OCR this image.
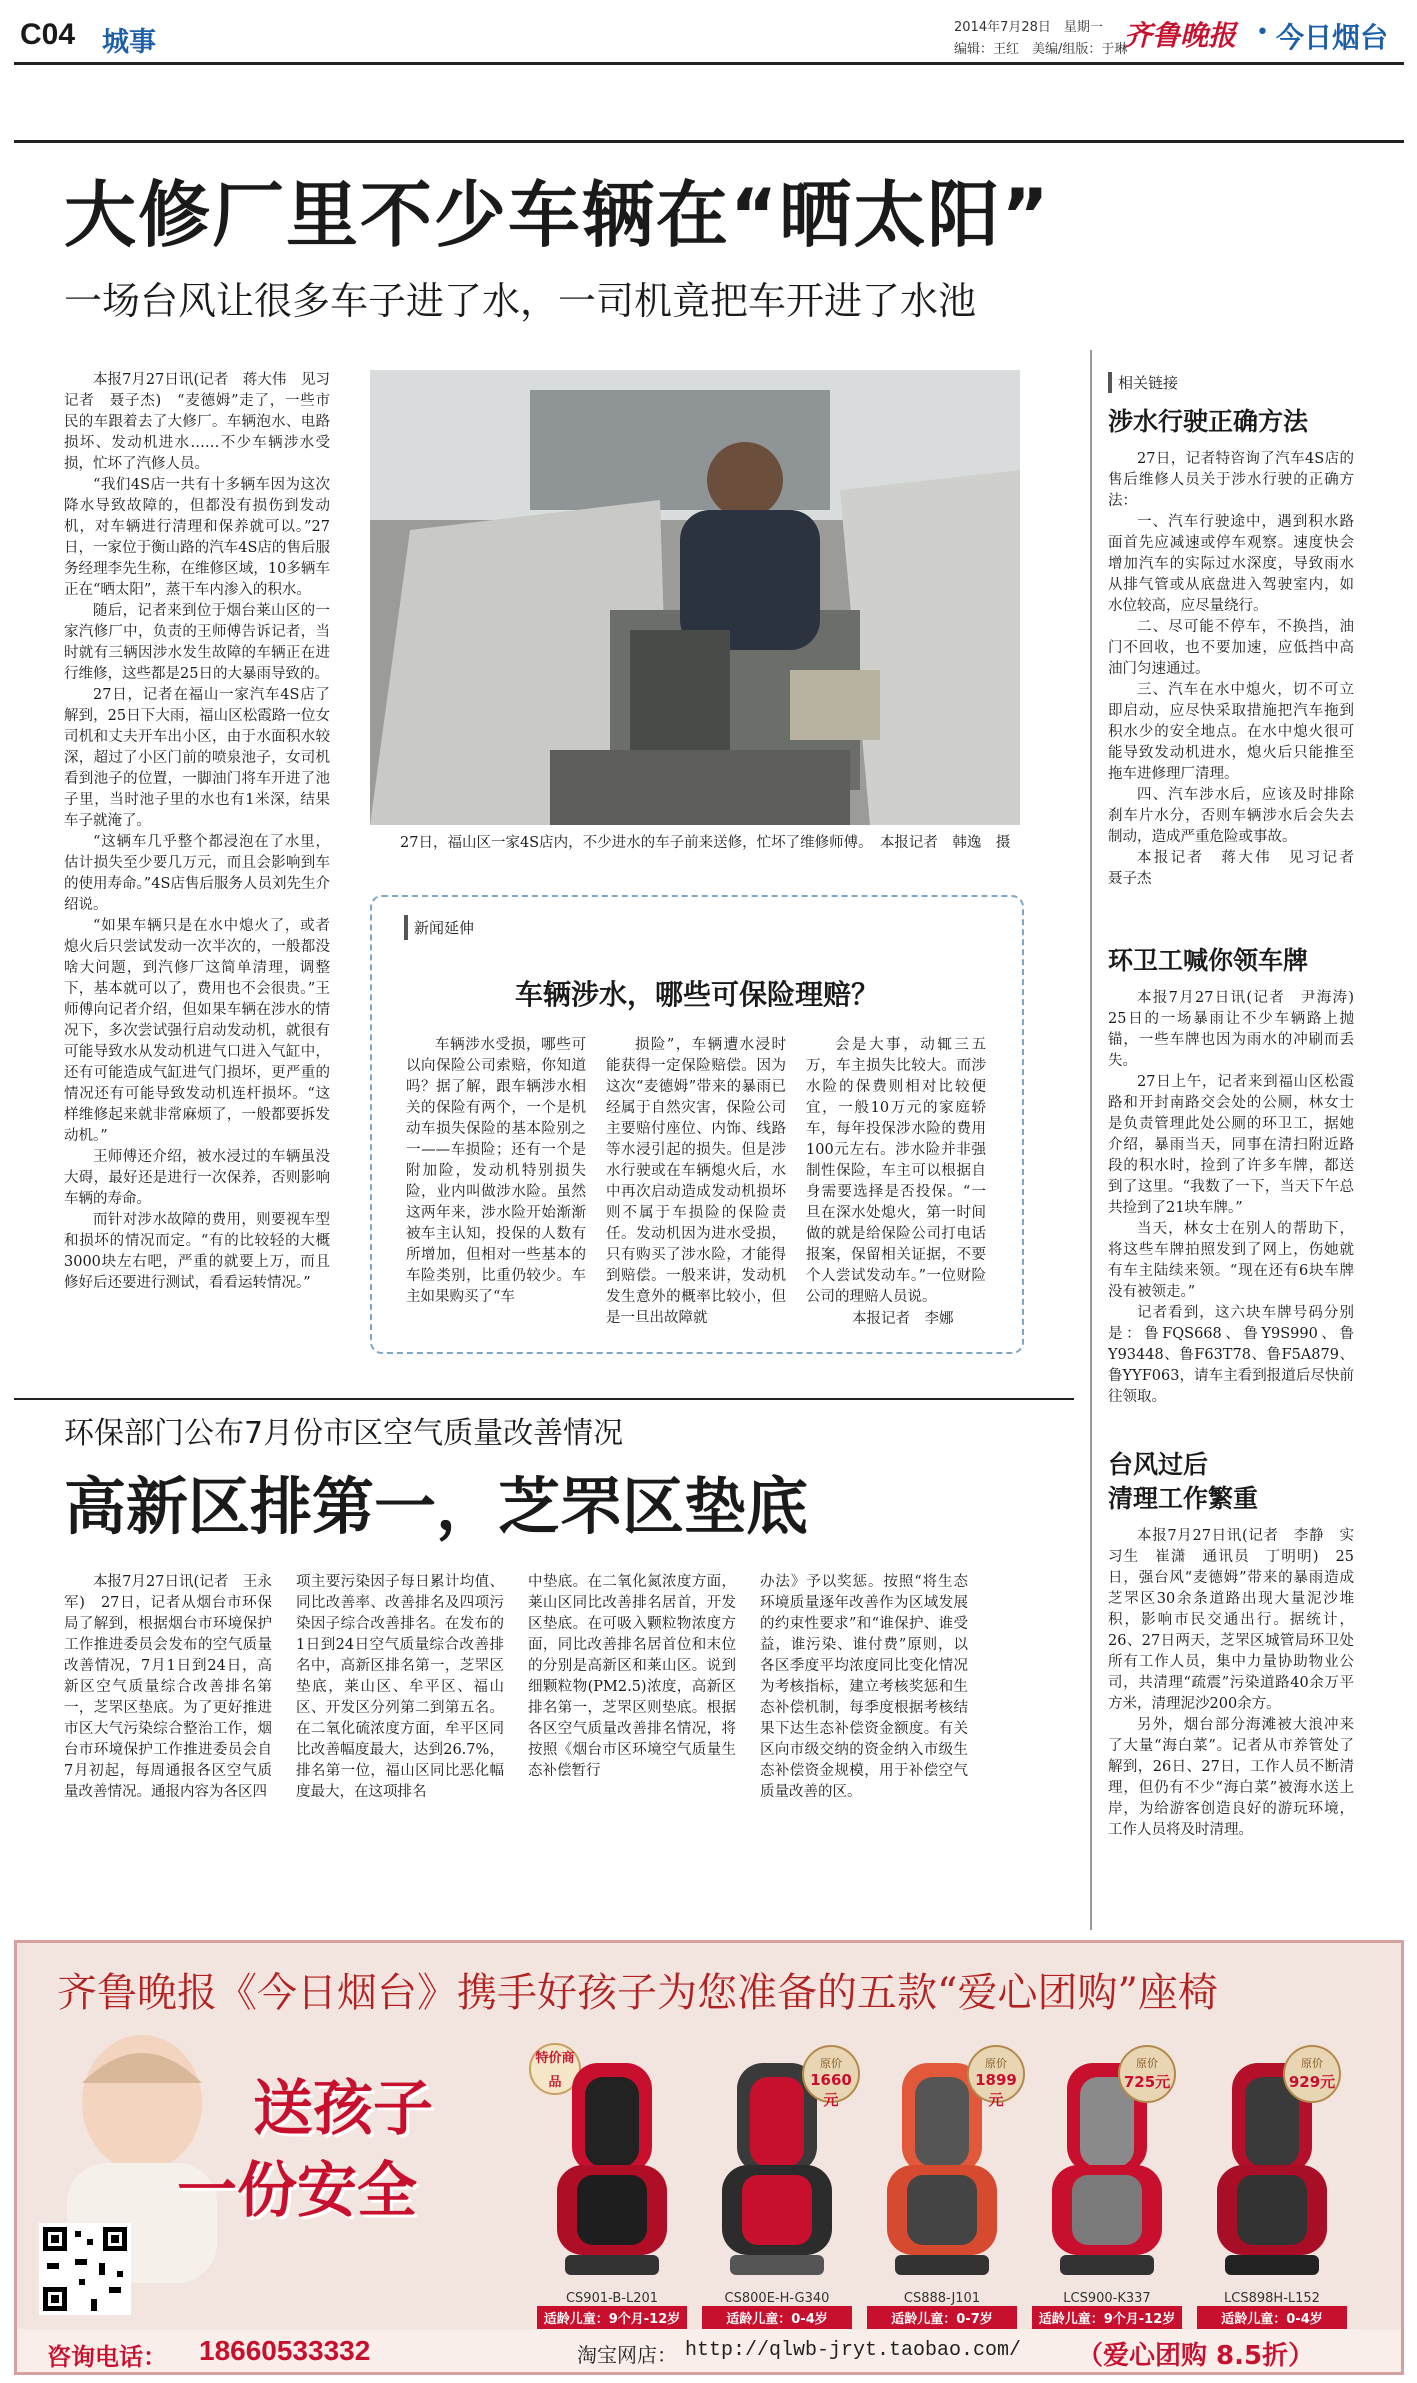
C04 城事	2014年7月28日　星期一
编辑：王红　美编/组版：于琳
齐鲁晚报 • 今日烟台
大修厂里不少车辆在“晒太阳”
一场台风让很多车子进了水，一司机竟把车开进了水池

本报7月27日讯(记者　蒋大伟　见习记者　聂子杰)　“麦德姆”走了，一些市民的车跟着去了大修厂。车辆泡水、电路损坏、发动机进水……不少车辆涉水受损，忙坏了汽修人员。

“我们4S店一共有十多辆车因为这次降水导致故障的，但都没有损伤到发动机，对车辆进行清理和保养就可以。”27日，一家位于衡山路的汽车4S店的售后服务经理李先生称，在维修区域，10多辆车正在“晒太阳”，蒸干车内渗入的积水。

随后，记者来到位于烟台莱山区的一家汽修厂中，负责的王师傅告诉记者，当时就有三辆因涉水发生故障的车辆正在进行维修，这些都是25日的大暴雨导致的。

27日，记者在福山一家汽车4S店了解到，25日下大雨，福山区松霞路一位女司机和丈夫开车出小区，由于水面积水较深，超过了小区门前的喷泉池子，女司机看到池子的位置，一脚油门将车开进了池子里，当时池子里的水也有1米深，结果车子就淹了。

“这辆车几乎整个都浸泡在了水里，估计损失至少要几万元，而且会影响到车的使用寿命。”4S店售后服务人员刘先生介绍说。

“如果车辆只是在水中熄火了，或者熄火后只尝试发动一次半次的，一般都没啥大问题，到汽修厂这简单清理，调整下，基本就可以了，费用也不会很贵。”王师傅向记者介绍，但如果车辆在涉水的情况下，多次尝试强行启动发动机，就很有可能导致水从发动机进气口进入气缸中，还有可能造成气缸进气门损坏，更严重的情况还有可能导致发动机连杆损坏。“这样维修起来就非常麻烦了，一般都要拆发动机。”

王师傅还介绍，被水浸过的车辆虽没大碍，最好还是进行一次保养，否则影响车辆的寿命。

而针对涉水故障的费用，则要视车型和损坏的情况而定。“有的比较轻的大概3000块左右吧，严重的就要上万，而且修好后还要进行测试，看看运转情况。”

27日，福山区一家4S店内，不少进水的车子前来送修，忙坏了维修师傅。　本报记者　韩逸　摄
新闻延伸
车辆涉水，哪些可保险理赔？
车辆涉水受损，哪些可以向保险公司索赔，你知道吗？据了解，跟车辆涉水相关的保险有两个，一个是机动车损失保险的基本险别之一——车损险；还有一个是附加险，发动机特别损失险，业内叫做涉水险。虽然这两年来，涉水险开始渐渐被车主认知，投保的人数有所增加，但相对一些基本的车险类别，比重仍较少。车主如果购买了“车
损险”，车辆遭水浸时能获得一定保险赔偿。因为这次“麦德姆”带来的暴雨已经属于自然灾害，保险公司主要赔付座位、内饰、线路等水浸引起的损失。但是涉水行驶或在车辆熄火后，水中再次启动造成发动机损坏则不属于车损险的保险责任。发动机因为进水受损，只有购买了涉水险，才能得到赔偿。一般来讲，发动机发生意外的概率比较小，但是一旦出故障就
会是大事，动辄三五万，车主损失比较大。而涉水险的保费则相对比较便宜，一般10万元的家庭轿车，每年投保涉水险的费用100元左右。涉水险并非强制性保险，车主可以根据自身需要选择是否投保。“一旦在深水处熄火，第一时间做的就是给保险公司打电话报案，保留相关证据，不要个人尝试发动车。”一位财险公司的理赔人员说。
本报记者　李娜
相关链接
涉水行驶正确方法

27日，记者特咨询了汽车4S店的售后维修人员关于涉水行驶的正确方法：

一、汽车行驶途中，遇到积水路面首先应减速或停车观察。速度快会增加汽车的实际过水深度，导致雨水从排气管或从底盘进入驾驶室内，如水位较高，应尽量绕行。

二、尽可能不停车，不换挡，油门不回收，也不要加速，应低挡中高油门匀速通过。

三、汽车在水中熄火，切不可立即启动，应尽快采取措施把汽车拖到积水少的安全地点。在水中熄火很可能导致发动机进水，熄火后只能推至拖车进修理厂清理。

四、汽车涉水后，应该及时排除刹车片水分，否则车辆涉水后会失去制动，造成严重危险或事故。

本报记者　蒋大伟　见习记者　聂子杰

环卫工喊你领车牌

本报7月27日讯(记者　尹海涛)　25日的一场暴雨让不少车辆路上抛锚，一些车牌也因为雨水的冲刷而丢失。

27日上午，记者来到福山区松霞路和开封南路交会处的公厕，林女士是负责管理此处公厕的环卫工，据她介绍，暴雨当天，同事在清扫附近路段的积水时，捡到了许多车牌，都送到了这里。“我数了一下，当天下午总共捡到了21块车牌。”

当天，林女士在别人的帮助下，将这些车牌拍照发到了网上，伤她就有车主陆续来领。“现在还有6块车牌没有被领走。”

记者看到，这六块车牌号码分别是：鲁FQS668、鲁Y9S990、鲁Y93448、鲁F63T78、鲁F5A879、鲁YYF063，请车主看到报道后尽快前往领取。

台风过后
清理工作繁重

本报7月27日讯(记者　李静　实习生　崔潇　通讯员　丁明明)　25日，强台风“麦德姆”带来的暴雨造成芝罘区30余条道路出现大量泥沙堆积，影响市民交通出行。据统计，26、27日两天，芝罘区城管局环卫处所有工作人员，集中力量协助物业公司，共清理“疏震”污染道路40余万平方米，清理泥沙200余方。

另外，烟台部分海滩被大浪冲来了大量“海白菜”。记者从市养管处了解到，26日、27日，工作人员不断清理，但仍有不少“海白菜”被海水送上岸，为给游客创造良好的游玩环境，工作人员将及时清理。

环保部门公布7月份市区空气质量改善情况
高新区排第一，芝罘区垫底
本报7月27日讯(记者　王永军)　27日，记者从烟台市环保局了解到，根据烟台市环境保护工作推进委员会发布的空气质量改善情况，7月1日到24日，高新区空气质量综合改善排名第一，芝罘区垫底。为了更好推进市区大气污染综合整治工作，烟台市环境保护工作推进委员会自7月初起，每周通报各区空气质量改善情况。通报内容为各区四
项主要污染因子每日累计均值、同比改善率、改善排名及四项污染因子综合改善排名。在发布的1日到24日空气质量综合改善排名中，高新区排名第一，芝罘区垫底，莱山区、牟平区、福山区、开发区分列第二到第五名。在二氧化硫浓度方面，牟平区同比改善幅度最大，达到26.7%，排名第一位，福山区同比恶化幅度最大，在这项排名
中垫底。在二氧化氮浓度方面，莱山区同比改善排名居首，开发区垫底。在可吸入颗粒物浓度方面，同比改善排名居首位和末位的分别是高新区和莱山区。说到细颗粒物(PM2.5)浓度，高新区排名第一，芝罘区则垫底。根据各区空气质量改善排名情况，将按照《烟台市区环境空气质量生态补偿暂行
办法》予以奖惩。按照“将生态环境质量逐年改善作为区域发展的约束性要求”和“谁保护、谁受益，谁污染、谁付费”原则，以各区季度平均浓度同比变化情况为考核指标，建立考核奖惩和生态补偿机制，每季度根据考核结果下达生态补偿资金额度。有关区向市级交纳的资金纳入市级生态补偿资金规模，用于补偿空气质量改善的区。
齐鲁晚报《今日烟台》携手好孩子为您准备的五款“爱心团购”座椅
送孩子
一份安全
特价商品
CS901-B-L201
适龄儿童：9个月-12岁
CS800E-H-G340
适龄儿童：0-4岁
原价
1660元
CS888-J101
适龄儿童：0-7岁
原价
1899元
LCS900-K337
适龄儿童：9个月-12岁
原价
725元
LCS898H-L152
适龄儿童：0-4岁
原价
929元
咨询电话： 18660533332	淘宝网店： http://qlwb-jryt.taobao.com/ （爱心团购 8.5折）
